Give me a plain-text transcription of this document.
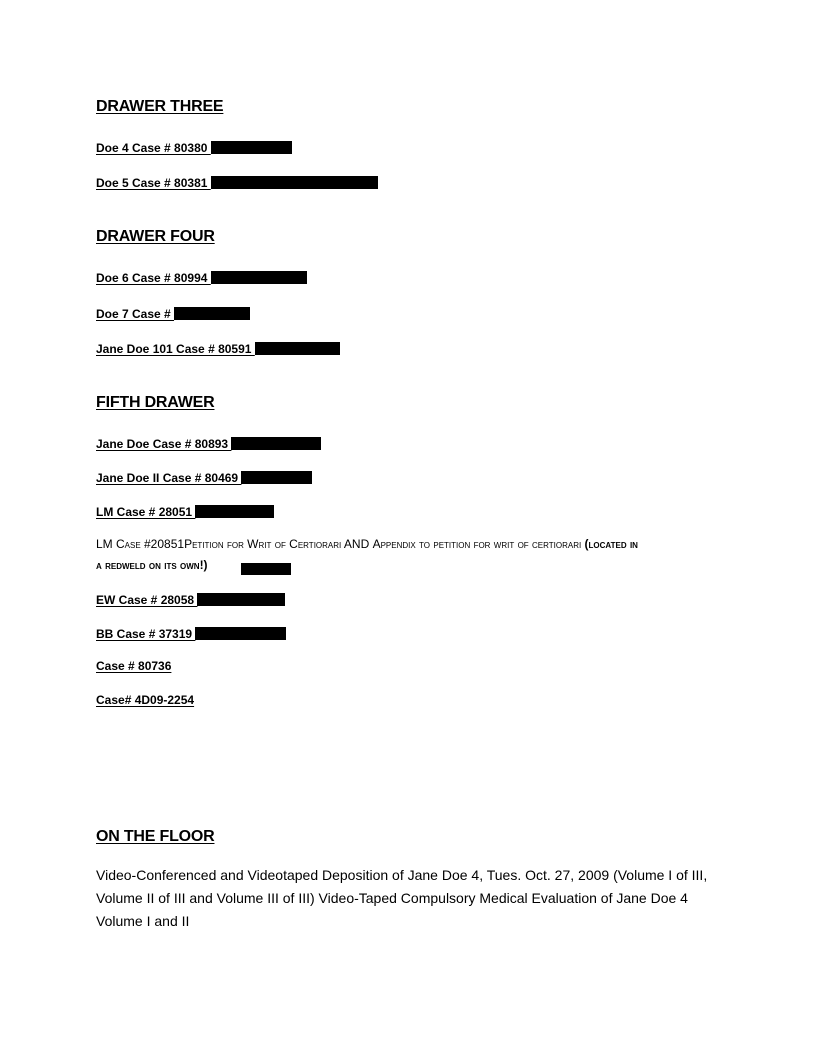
DRAWER THREE
Doe 4 Case # 80380
Doe 5 Case # 80381
DRAWER FOUR
Doe 6 Case # 80994
Doe 7 Case #
Jane Doe 101 Case # 80591
FIFTH DRAWER
Jane Doe Case # 80893
Jane Doe II Case # 80469
LM Case # 28051
LM Case #20851Petition for Writ of Certiorari AND Appendix to petition for writ of certiorari (located in
a redweld on its own!)
EW Case # 28058
BB Case # 37319
Case # 80736
Case# 4D09-2254
ON THE FLOOR
Video-Conferenced and Videotaped Deposition of Jane Doe 4, Tues. Oct. 27, 2009 (Volume I of III, Volume II of III and Volume III of III) Video-Taped Compulsory Medical Evaluation of Jane Doe 4 Volume I and II
